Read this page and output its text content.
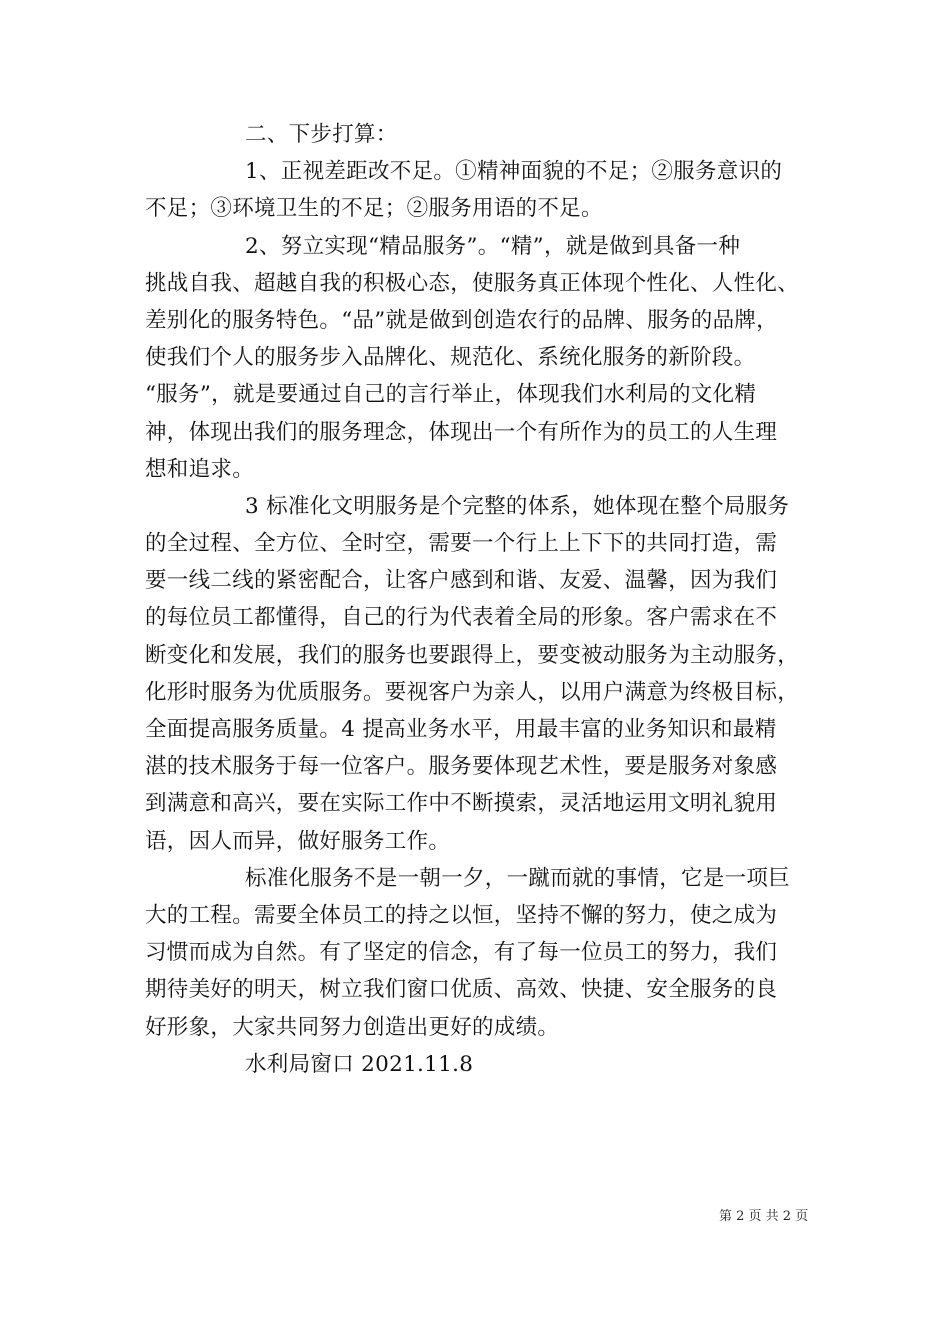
二、下步打算：
1、正视差距改不足。①精神面貌的不足；②服务意识的
不足；③环境卫生的不足；②服务用语的不足。
2、努立实现“精品服务”。“精”，就是做到具备一种
挑战自我、超越自我的积极心态，使服务真正体现个性化、人性化、
差别化的服务特色。“品”就是做到创造农行的品牌、服务的品牌，
使我们个人的服务步入品牌化、规范化、系统化服务的新阶段。
“服务”，就是要通过自己的言行举止，体现我们水利局的文化精
神，体现出我们的服务理念，体现出一个有所作为的员工的人生理
想和追求。
3 标准化文明服务是个完整的体系，她体现在整个局服务
的全过程、全方位、全时空，需要一个行上上下下的共同打造，需
要一线二线的紧密配合，让客户感到和谐、友爱、温馨，因为我们
的每位员工都懂得，自己的行为代表着全局的形象。客户需求在不
断变化和发展，我们的服务也要跟得上，要变被动服务为主动服务，
化形时服务为优质服务。要视客户为亲人，以用户满意为终极目标，
全面提高服务质量。4 提高业务水平，用最丰富的业务知识和最精
湛的技术服务于每一位客户。服务要体现艺术性，要是服务对象感
到满意和高兴，要在实际工作中不断摸索，灵活地运用文明礼貌用
语，因人而异，做好服务工作。
标准化服务不是一朝一夕，一蹴而就的事情，它是一项巨
大的工程。需要全体员工的持之以恒，坚持不懈的努力，使之成为
习惯而成为自然。有了坚定的信念，有了每一位员工的努力，我们
期待美好的明天，树立我们窗口优质、高效、快捷、安全服务的良
好形象，大家共同努力创造出更好的成绩。
水利局窗口 2021.11.8
第 2 页 共 2 页
